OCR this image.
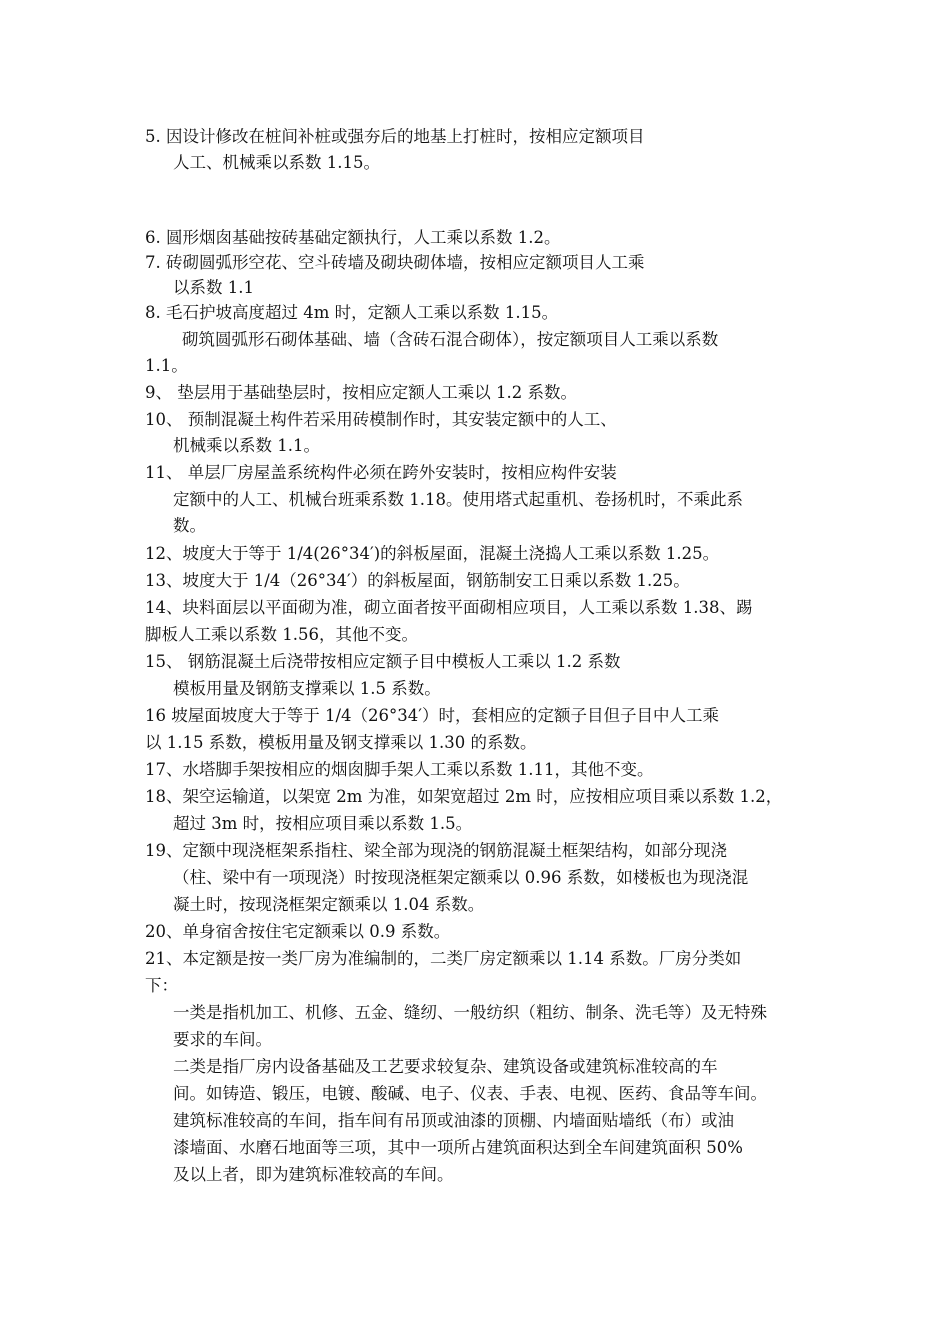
5. 因设计修改在桩间补桩或强夯后的地基上打桩时，按相应定额项目
人工、机械乘以系数 1.15。
6. 圆形烟囱基础按砖基础定额执行，人工乘以系数 1.2。
7. 砖砌圆弧形空花、空斗砖墙及砌块砌体墙，按相应定额项目人工乘
以系数 1.1
8. 毛石护坡高度超过 4m 时，定额人工乘以系数 1.15。
砌筑圆弧形石砌体基础、墙（含砖石混合砌体），按定额项目人工乘以系数
1.1。
9、 垫层用于基础垫层时，按相应定额人工乘以 1.2 系数。
10、 预制混凝土构件若采用砖模制作时，其安装定额中的人工、
机械乘以系数 1.1。
11、 单层厂房屋盖系统构件必须在跨外安装时，按相应构件安装
定额中的人工、机械台班乘系数 1.18。使用塔式起重机、卷扬机时，不乘此系
数。
12、坡度大于等于 1/4(26°34′)的斜板屋面，混凝土浇捣人工乘以系数 1.25。
13、坡度大于 1/4（26°34′）的斜板屋面，钢筋制安工日乘以系数 1.25。
14、块料面层以平面砌为准，砌立面者按平面砌相应项目，人工乘以系数 1.38、踢
脚板人工乘以系数 1.56，其他不变。
15、 钢筋混凝土后浇带按相应定额子目中模板人工乘以 1.2 系数
模板用量及钢筋支撑乘以 1.5 系数。
16 坡屋面坡度大于等于 1/4（26°34′）时，套相应的定额子目但子目中人工乘
以 1.15 系数，模板用量及钢支撑乘以 1.30 的系数。
17、水塔脚手架按相应的烟囱脚手架人工乘以系数 1.11，其他不变。
18、架空运输道，以架宽 2m 为准，如架宽超过 2m 时，应按相应项目乘以系数 1.2，
超过 3m 时，按相应项目乘以系数 1.5。
19、定额中现浇框架系指柱、梁全部为现浇的钢筋混凝土框架结构，如部分现浇
（柱、梁中有一项现浇）时按现浇框架定额乘以 0.96 系数，如楼板也为现浇混
凝土时，按现浇框架定额乘以 1.04 系数。
20、单身宿舍按住宅定额乘以 0.9 系数。
21、本定额是按一类厂房为准编制的，二类厂房定额乘以 1.14 系数。厂房分类如
下：
一类是指机加工、机修、五金、缝纫、一般纺织（粗纺、制条、洗毛等）及无特殊
要求的车间。
二类是指厂房内设备基础及工艺要求较复杂、建筑设备或建筑标准较高的车
间。如铸造、锻压，电镀、酸碱、电子、仪表、手表、电视、医药、食品等车间。
建筑标准较高的车间，指车间有吊顶或油漆的顶棚、内墙面贴墙纸（布）或油
漆墙面、水磨石地面等三项，其中一项所占建筑面积达到全车间建筑面积 50%
及以上者，即为建筑标准较高的车间。
